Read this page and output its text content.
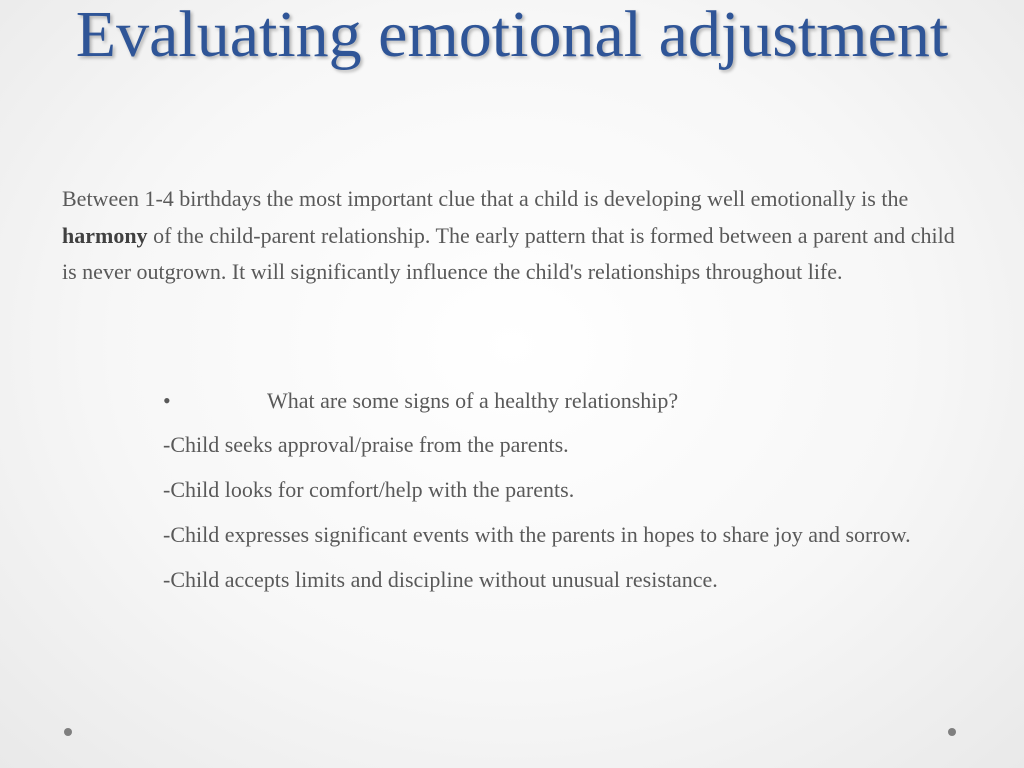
Evaluating emotional adjustment

Between 1-4 birthdays the most important clue that a child is developing well emotionally is the harmony of the child-parent relationship. The early pattern that is formed between a parent and child is never outgrown. It will significantly influence the child's relationships throughout life.

•	What are some signs of a healthy relationship?

-Child seeks approval/praise from the parents.

-Child looks for comfort/help with the parents.

-Child expresses significant events with the parents in hopes to share joy and sorrow.

-Child accepts limits and discipline without unusual resistance.
